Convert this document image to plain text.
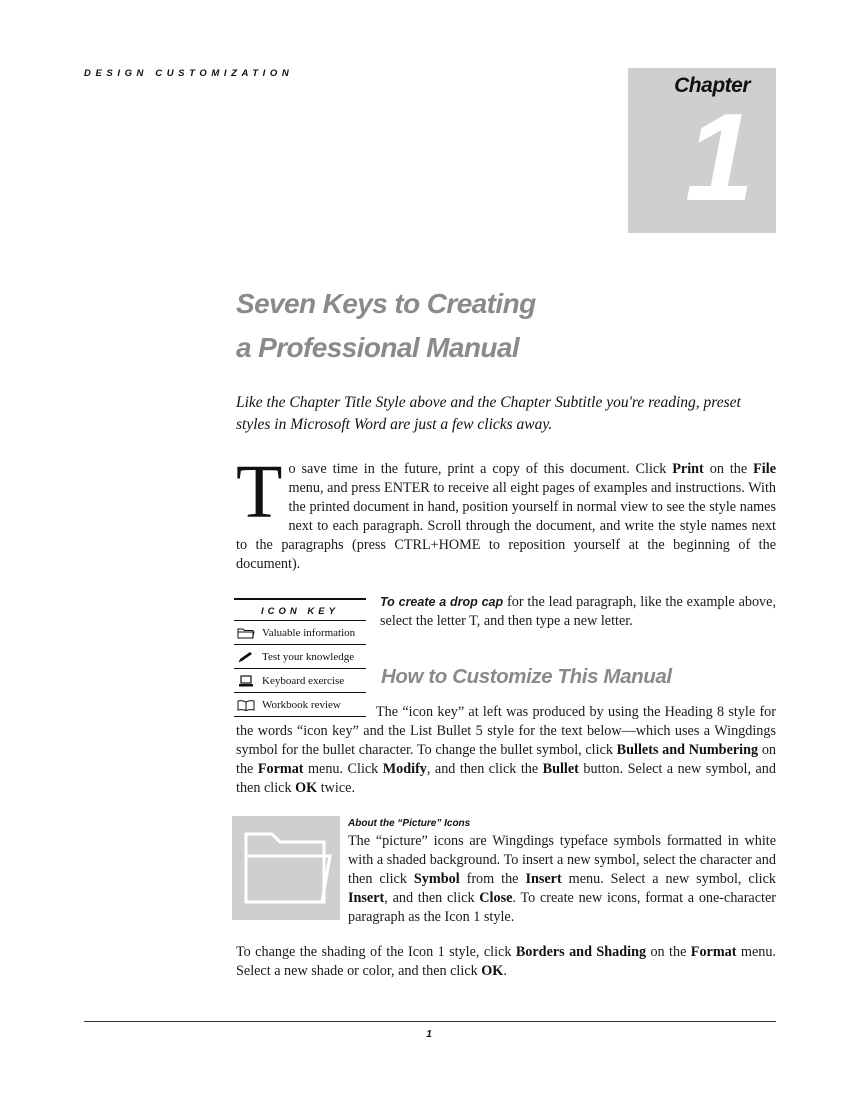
DESIGN CUSTOMIZATION
Chapter
1
Seven Keys to Creating
a Professional Manual
Like the Chapter Title Style above and the Chapter Subtitle you're reading, preset styles in Microsoft Word are just a few clicks away.
To save time in the future, print a copy of this document. Click Print on the File menu, and press ENTER to receive all eight pages of examples and instructions. With the printed document in hand, position yourself in normal view to see the style names next to each paragraph. Scroll through the document, and write the style names next to the paragraphs (press CTRL+HOME to reposition yourself at the beginning of the document).
ICON KEY
Valuable information
Test your knowledge
Keyboard exercise
Workbook review
To create a drop cap for the lead paragraph, like the example above, select the letter T, and then type a new letter.
How to Customize This Manual
The “icon key” at left was produced by using the Heading 8 style for the words “icon key” and the List Bullet 5 style for the text below—which uses a Wingdings symbol for the bullet character. To change the bullet symbol, click Bullets and Numbering on the Format menu. Click Modify, and then click the Bullet button. Select a new symbol, and then click OK twice.
About the “Picture” Icons
The “picture” icons are Wingdings typeface symbols formatted in white with a shaded background. To insert a new symbol, select the character and then click Symbol from the Insert menu. Select a new symbol, click Insert, and then click Close. To create new icons, format a one-character paragraph as the Icon 1 style.
To change the shading of the Icon 1 style, click Borders and Shading on the Format menu. Select a new shade or color, and then click OK.
1
